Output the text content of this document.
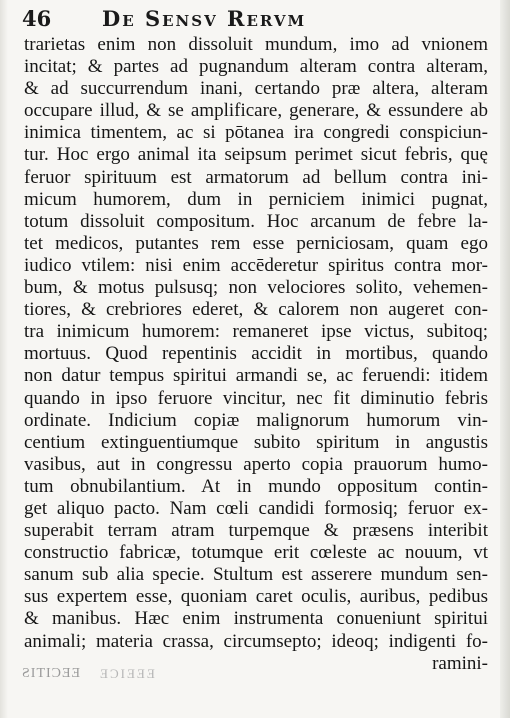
46 De Sensv Rervm
trarietas enim non dissoluit mundum, imo ad vnionem
incitat; & partes ad pugnandum alteram contra alteram,
& ad succurrendum inani, certando præ altera, alteram
occupare illud, & se amplificare, generare, & essundere ab
inimica timentem, ac si pōtanea ira congredi conspiciun-
tur. Hoc ergo animal ita seipsum perimet sicut febris, quę
feruor spirituum est armatorum ad bellum contra ini-
micum humorem, dum in perniciem inimici pugnat,
totum dissoluit compositum. Hoc arcanum de febre la-
tet medicos, putantes rem esse perniciosam, quam ego
iudico vtilem: nisi enim accēderetur spiritus contra mor-
bum, & motus pulsusq; non velociores solito, vehemen-
tiores, & crebriores ederet, & calorem non augeret con-
tra inimicum humorem: remaneret ipse victus, subitoq;
mortuus. Quod repentinis accidit in mortibus, quando
non datur tempus spiritui armandi se, ac feruendi: itidem
quando in ipso feruore vincitur, nec fit diminutio febris
ordinate. Indicium copiæ malignorum humorum vin-
centium extinguentiumque subito spiritum in angustis
vasibus, aut in congressu aperto copia prauorum humo-
tum obnubilantium. At in mundo oppositum contin-
get aliquo pacto. Nam cœli candidi formosiq; feruor ex-
superabit terram atram turpemque & præsens interibit
constructio fabricæ, totumque erit cœleste ac nouum, vt
sanum sub alia specie. Stultum est asserere mundum sen-
sus expertem esse, quoniam caret oculis, auribus, pedibus
& manibus. Hæc enim instrumenta conueniunt spiritui
animali; materia crassa, circumsepto; ideoq; indigenti fo-
ramini-
ƧITIƆƎƎ ƎƆIƎƎƎ
